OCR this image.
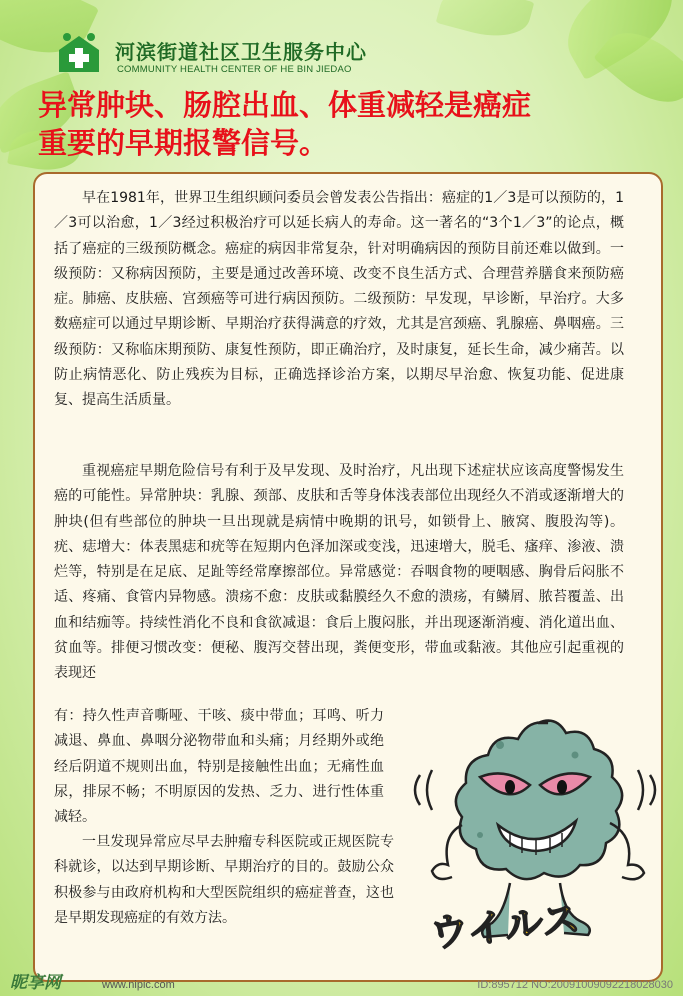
河滨街道社区卫生服务中心
COMMUNITY HEALTH CENTER OF HE BIN JIEDAO
异常肿块、肠腔出血、体重减轻是癌症
重要的早期报警信号。

早在1981年，世界卫生组织顾问委员会曾发表公告指出：癌症的1／3是可以预防的，1／3可以治愈，1／3经过积极治疗可以延长病人的寿命。这一著名的“3个1／3”的论点，概括了癌症的三级预防概念。癌症的病因非常复杂，针对明确病因的预防目前还难以做到。一级预防：又称病因预防，主要是通过改善环境、改变不良生活方式、合理营养膳食来预防癌症。肺癌、皮肤癌、宫颈癌等可进行病因预防。二级预防：早发现，早诊断，早治疗。大多数癌症可以通过早期诊断、早期治疗获得满意的疗效，尤其是宫颈癌、乳腺癌、鼻咽癌。三级预防：又称临床期预防、康复性预防，即正确治疗，及时康复，延长生命，减少痛苦。以防止病情恶化、防止残疾为目标，正确选择诊治方案，以期尽早治愈、恢复功能、促进康复、提高生活质量。

重视癌症早期危险信号有利于及早发现、及时治疗，凡出现下述症状应该高度警惕发生癌的可能性。异常肿块：乳腺、颈部、皮肤和舌等身体浅表部位出现经久不消或逐渐增大的肿块(但有些部位的肿块一旦出现就是病情中晚期的讯号，如锁骨上、腋窝、腹股沟等)。疣、痣增大：体表黑痣和疣等在短期内色泽加深或变浅，迅速增大，脱毛、瘙痒、渗液、溃烂等，特别是在足底、足趾等经常摩擦部位。异常感觉：吞咽食物的哽咽感、胸骨后闷胀不适、疼痛、食管内异物感。溃疡不愈：皮肤或黏膜经久不愈的溃疡，有鳞屑、脓苔覆盖、出血和结痂等。持续性消化不良和食欲减退：食后上腹闷胀，并出现逐渐消瘦、消化道出血、贫血等。排便习惯改变：便秘、腹泻交替出现，粪便变形，带血或黏液。其他应引起重视的表现还

有：持久性声音嘶哑、干咳、痰中带血；耳鸣、听力减退、鼻血、鼻咽分泌物带血和头痛；月经期外或绝经后阴道不规则出血，特别是接触性出血；无痛性血尿，排尿不畅；不明原因的发热、乏力、进行性体重减轻。

一旦发现异常应尽早去肿瘤专科医院或正规医院专科就诊，以达到早期诊断、早期治疗的目的。鼓励公众积极参与由政府机构和大型医院组织的癌症普查，这也是早期发现癌症的有效方法。	ウイルス
昵享网	www.nipic.com	ID:895712 NO:20091009092218028030
